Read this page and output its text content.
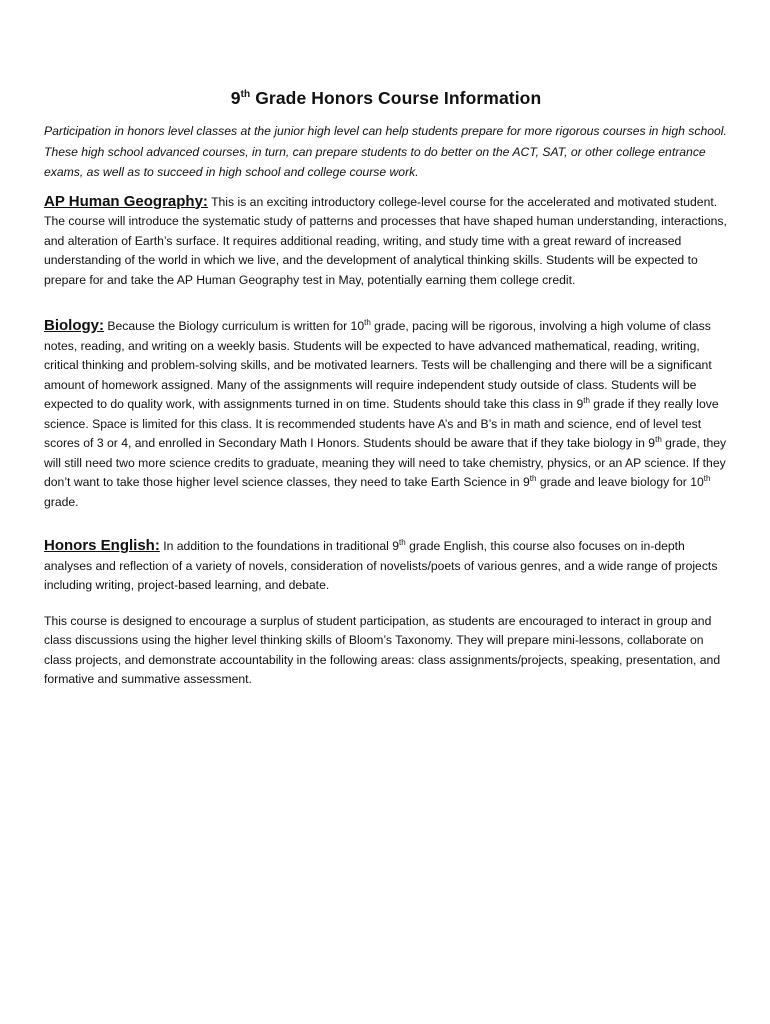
9th Grade Honors Course Information

Participation in honors level classes at the junior high level can help students prepare for more rigorous courses in high school. These high school advanced courses, in turn, can prepare students to do better on the ACT, SAT, or other college entrance exams, as well as to succeed in high school and college course work.

AP Human Geography: This is an exciting introductory college-level course for the accelerated and motivated student. The course will introduce the systematic study of patterns and processes that have shaped human understanding, interactions, and alteration of Earth’s surface. It requires additional reading, writing, and study time with a great reward of increased understanding of the world in which we live, and the development of analytical thinking skills. Students will be expected to prepare for and take the AP Human Geography test in May, potentially earning them college credit.

Biology: Because the Biology curriculum is written for 10th grade, pacing will be rigorous, involving a high volume of class notes, reading, and writing on a weekly basis. Students will be expected to have advanced mathematical, reading, writing, critical thinking and problem-solving skills, and be motivated learners. Tests will be challenging and there will be a significant amount of homework assigned. Many of the assignments will require independent study outside of class. Students will be expected to do quality work, with assignments turned in on time. Students should take this class in 9th grade if they really love science. Space is limited for this class. It is recommended students have A’s and B’s in math and science, end of level test scores of 3 or 4, and enrolled in Secondary Math I Honors. Students should be aware that if they take biology in 9th grade, they will still need two more science credits to graduate, meaning they will need to take chemistry, physics, or an AP science. If they don’t want to take those higher level science classes, they need to take Earth Science in 9th grade and leave biology for 10th grade.

Honors English: In addition to the foundations in traditional 9th grade English, this course also focuses on in-depth analyses and reflection of a variety of novels, consideration of novelists/poets of various genres, and a wide range of projects including writing, project-based learning, and debate.

This course is designed to encourage a surplus of student participation, as students are encouraged to interact in group and class discussions using the higher level thinking skills of Bloom’s Taxonomy. They will prepare mini-lessons, collaborate on class projects, and demonstrate accountability in the following areas: class assignments/projects, speaking, presentation, and formative and summative assessment.
